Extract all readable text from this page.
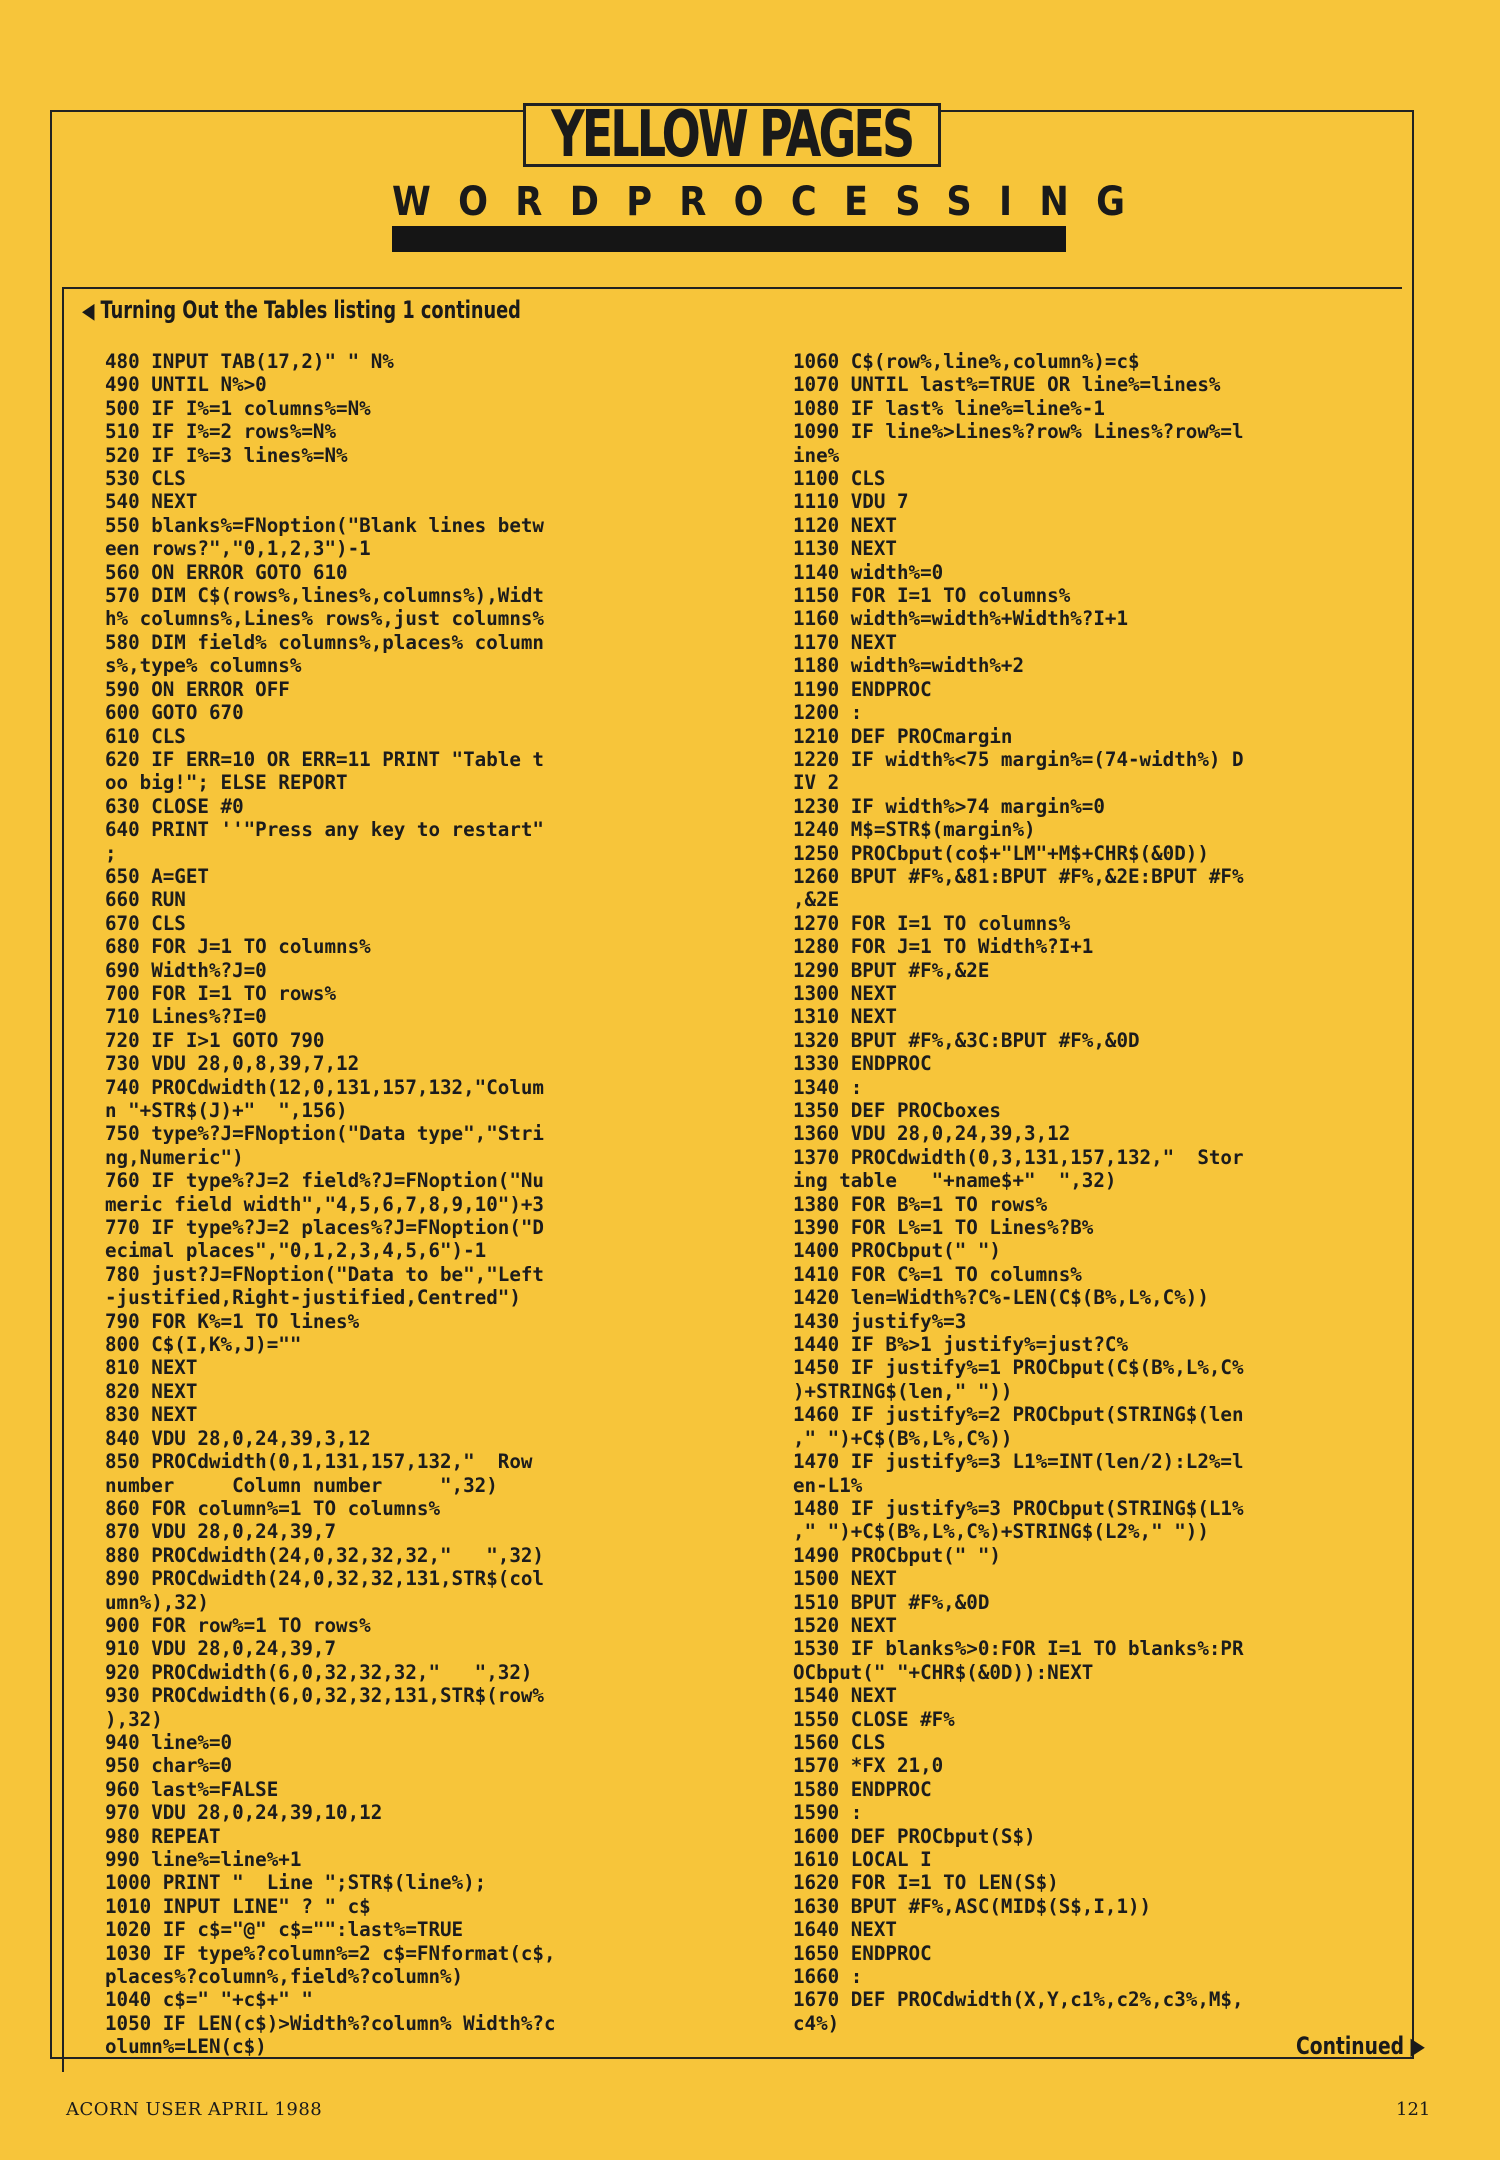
YELLOW PAGES
WORDPROCESSING
◀ Turning Out the Tables listing 1 continued
480 INPUT TAB(17,2)" " N%
490 UNTIL N%>0
500 IF I%=1 columns%=N%
510 IF I%=2 rows%=N%
520 IF I%=3 lines%=N%
530 CLS
540 NEXT
550 blanks%=FNoption("Blank lines betw
een rows?","0,1,2,3")-1
560 ON ERROR GOTO 610
570 DIM C$(rows%,lines%,columns%),Widt
h% columns%,Lines% rows%,just columns%
580 DIM field% columns%,places% column
s%,type% columns%
590 ON ERROR OFF
600 GOTO 670
610 CLS
620 IF ERR=10 OR ERR=11 PRINT "Table t
oo big!"; ELSE REPORT
630 CLOSE #0
640 PRINT ''"Press any key to restart"
;
650 A=GET
660 RUN
670 CLS
680 FOR J=1 TO columns%
690 Width%?J=0
700 FOR I=1 TO rows%
710 Lines%?I=0
720 IF I>1 GOTO 790
730 VDU 28,0,8,39,7,12
740 PROCdwidth(12,0,131,157,132,"Colum
n "+STR$(J)+"  ",156)
750 type%?J=FNoption("Data type","Stri
ng,Numeric")
760 IF type%?J=2 field%?J=FNoption("Nu
meric field width","4,5,6,7,8,9,10")+3
770 IF type%?J=2 places%?J=FNoption("D
ecimal places","0,1,2,3,4,5,6")-1
780 just?J=FNoption("Data to be","Left
-justified,Right-justified,Centred")
790 FOR K%=1 TO lines%
800 C$(I,K%,J)=""
810 NEXT
820 NEXT
830 NEXT
840 VDU 28,0,24,39,3,12
850 PROCdwidth(0,1,131,157,132,"  Row
number     Column number     ",32)
860 FOR column%=1 TO columns%
870 VDU 28,0,24,39,7
880 PROCdwidth(24,0,32,32,32,"   ",32)
890 PROCdwidth(24,0,32,32,131,STR$(col
umn%),32)
900 FOR row%=1 TO rows%
910 VDU 28,0,24,39,7
920 PROCdwidth(6,0,32,32,32,"   ",32)
930 PROCdwidth(6,0,32,32,131,STR$(row%
),32)
940 line%=0
950 char%=0
960 last%=FALSE
970 VDU 28,0,24,39,10,12
980 REPEAT
990 line%=line%+1
1000 PRINT "  Line ";STR$(line%);
1010 INPUT LINE" ? " c$
1020 IF c$="@" c$="":last%=TRUE
1030 IF type%?column%=2 c$=FNformat(c$,
places%?column%,field%?column%)
1040 c$=" "+c$+" "
1050 IF LEN(c$)>Width%?column% Width%?c
olumn%=LEN(c$)
1060 C$(row%,line%,column%)=c$
1070 UNTIL last%=TRUE OR line%=lines%
1080 IF last% line%=line%-1
1090 IF line%>Lines%?row% Lines%?row%=l
ine%
1100 CLS
1110 VDU 7
1120 NEXT
1130 NEXT
1140 width%=0
1150 FOR I=1 TO columns%
1160 width%=width%+Width%?I+1
1170 NEXT
1180 width%=width%+2
1190 ENDPROC
1200 :
1210 DEF PROCmargin
1220 IF width%<75 margin%=(74-width%) D
IV 2
1230 IF width%>74 margin%=0
1240 M$=STR$(margin%)
1250 PROCbput(co$+"LM"+M$+CHR$(&0D))
1260 BPUT #F%,&81:BPUT #F%,&2E:BPUT #F%
,&2E
1270 FOR I=1 TO columns%
1280 FOR J=1 TO Width%?I+1
1290 BPUT #F%,&2E
1300 NEXT
1310 NEXT
1320 BPUT #F%,&3C:BPUT #F%,&0D
1330 ENDPROC
1340 :
1350 DEF PROCboxes
1360 VDU 28,0,24,39,3,12
1370 PROCdwidth(0,3,131,157,132,"  Stor
ing table   "+name$+"  ",32)
1380 FOR B%=1 TO rows%
1390 FOR L%=1 TO Lines%?B%
1400 PROCbput(" ")
1410 FOR C%=1 TO columns%
1420 len=Width%?C%-LEN(C$(B%,L%,C%))
1430 justify%=3
1440 IF B%>1 justify%=just?C%
1450 IF justify%=1 PROCbput(C$(B%,L%,C%
)+STRING$(len," "))
1460 IF justify%=2 PROCbput(STRING$(len
," ")+C$(B%,L%,C%))
1470 IF justify%=3 L1%=INT(len/2):L2%=l
en-L1%
1480 IF justify%=3 PROCbput(STRING$(L1%
," ")+C$(B%,L%,C%)+STRING$(L2%," "))
1490 PROCbput(" ")
1500 NEXT
1510 BPUT #F%,&0D
1520 NEXT
1530 IF blanks%>0:FOR I=1 TO blanks%:PR
OCbput(" "+CHR$(&0D)):NEXT
1540 NEXT
1550 CLOSE #F%
1560 CLS
1570 *FX 21,0
1580 ENDPROC
1590 :
1600 DEF PROCbput(S$)
1610 LOCAL I
1620 FOR I=1 TO LEN(S$)
1630 BPUT #F%,ASC(MID$(S$,I,1))
1640 NEXT
1650 ENDPROC
1660 :
1670 DEF PROCdwidth(X,Y,c1%,c2%,c3%,M$,
c4%)
Continued ▶
ACORN USER APRIL 1988	121
